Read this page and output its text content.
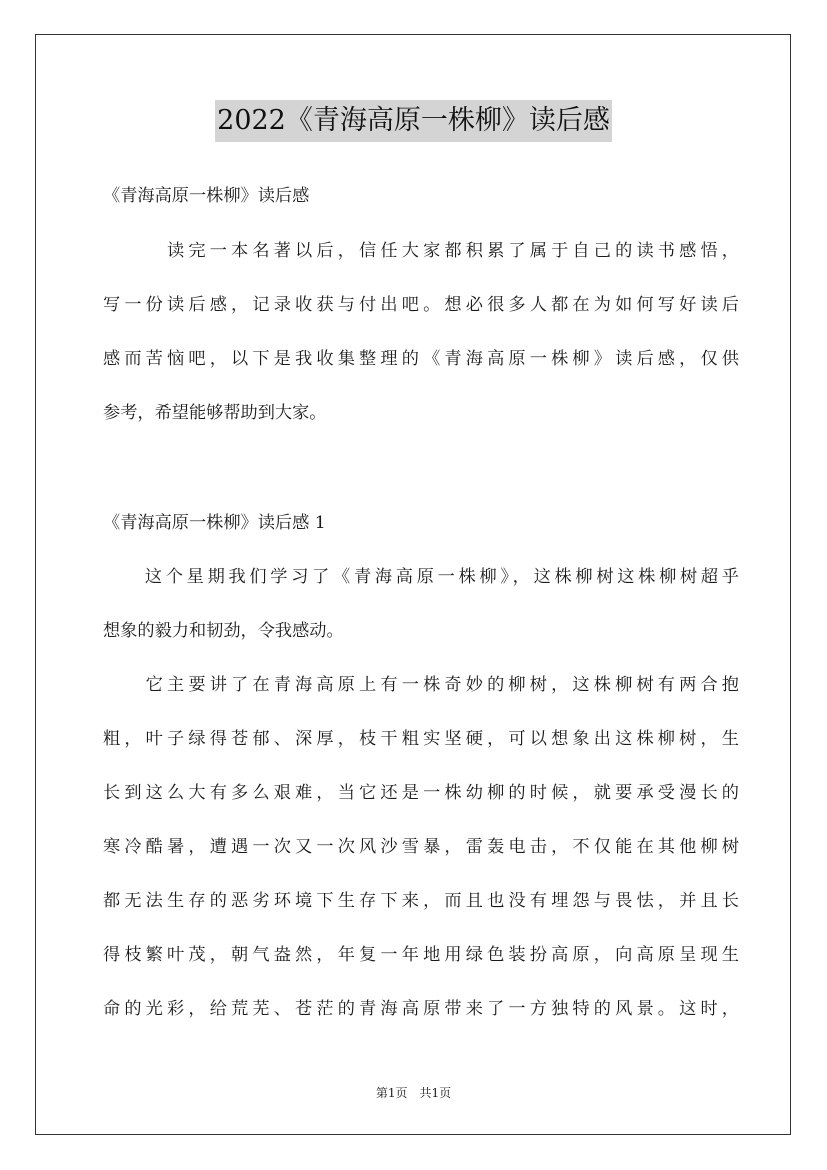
2022《青海高原一株柳》读后感
《青海高原一株柳》读后感
　　　读完一本名著以后，信任大家都积累了属于自己的读书感悟，
写一份读后感，记录收获与付出吧。想必很多人都在为如何写好读后
感而苦恼吧，以下是我收集整理的《青海高原一株柳》读后感，仅供
参考，希望能够帮助到大家。
《青海高原一株柳》读后感 1
　　这个星期我们学习了《青海高原一株柳》，这株柳树这株柳树超乎
想象的毅力和韧劲，令我感动。
　　它主要讲了在青海高原上有一株奇妙的柳树，这株柳树有两合抱
粗，叶子绿得苍郁、深厚，枝干粗实坚硬，可以想象出这株柳树，生
长到这么大有多么艰难，当它还是一株幼柳的时候，就要承受漫长的
寒冷酷暑，遭遇一次又一次风沙雪暴，雷轰电击，不仅能在其他柳树
都无法生存的恶劣环境下生存下来，而且也没有埋怨与畏怯，并且长
得枝繁叶茂，朝气盎然，年复一年地用绿色装扮高原，向高原呈现生
命的光彩，给荒芜、苍茫的青海高原带来了一方独特的风景。这时，
第1页　共1页
